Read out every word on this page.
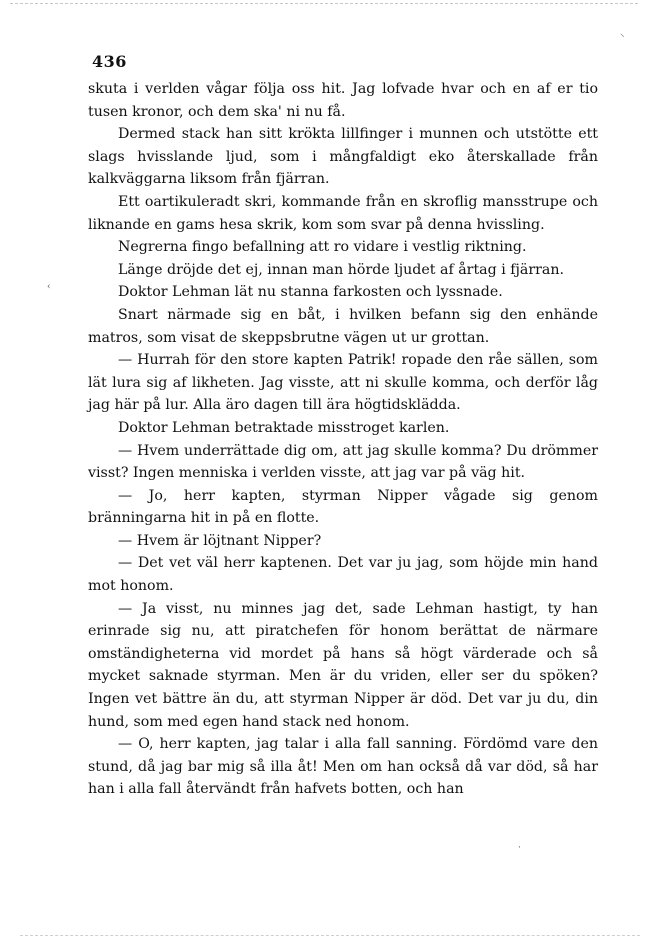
436

skuta i verlden vågar följa oss hit. Jag lofvade hvar och en af er tio tusen kronor, och dem ska' ni nu få.

Dermed stack han sitt krökta lillfinger i munnen och utstötte ett slags hvisslande ljud, som i mångfaldigt eko återskallade från kalkväggarna liksom från fjärran.

Ett oartikuleradt skri, kommande från en skroflig mansstrupe och liknande en gams hesa skrik, kom som svar på denna hvissling.

Negrerna fingo befallning att ro vidare i vestlig riktning.

Länge dröjde det ej, innan man hörde ljudet af årtag i fjärran.

Doktor Lehman lät nu stanna farkosten och lyssnade.

Snart närmade sig en båt, i hvilken befann sig den enhände matros, som visat de skeppsbrutne vägen ut ur grottan.

— Hurrah för den store kapten Patrik! ropade den råe sällen, som lät lura sig af likheten. Jag visste, att ni skulle komma, och derför låg jag här på lur. Alla äro dagen till ära högtidsklädda.

Doktor Lehman betraktade misstroget karlen.

— Hvem underrättade dig om, att jag skulle komma? Du drömmer visst? Ingen menniska i verlden visste, att jag var på väg hit.

— Jo, herr kapten, styrman Nipper vågade sig genom bränningarna hit in på en flotte.

— Hvem är löjtnant Nipper?

— Det vet väl herr kaptenen. Det var ju jag, som höjde min hand mot honom.

— Ja visst, nu minnes jag det, sade Lehman hastigt, ty han erinrade sig nu, att piratchefen för honom berättat de närmare omständigheterna vid mordet på hans så högt värderade och så mycket saknade styrman. Men är du vriden, eller ser du spöken? Ingen vet bättre än du, att styrman Nipper är död. Det var ju du, din hund, som med egen hand stack ned honom.

— O, herr kapten, jag talar i alla fall sanning. Fördömd vare den stund, då jag bar mig så illa åt! Men om han också då var död, så har han i alla fall återvändt från hafvets botten, och han

⸌
‹
·
